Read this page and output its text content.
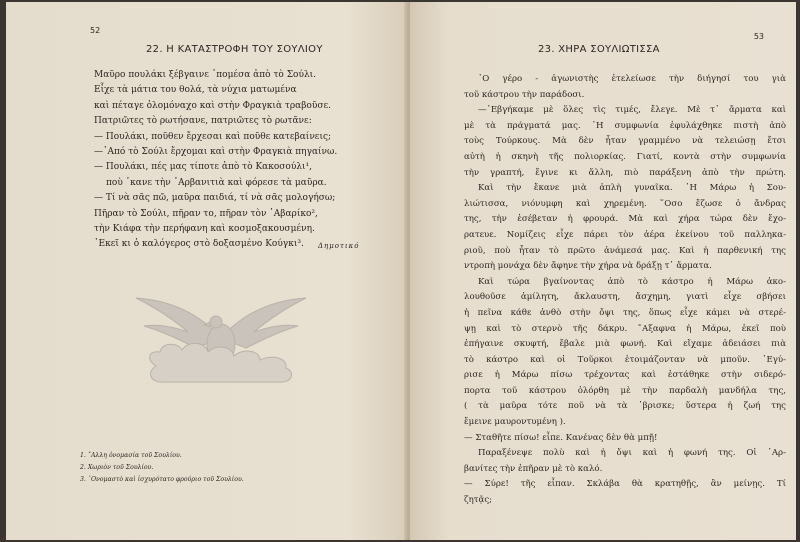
52
22. Η ΚΑΤΑΣΤΡΟΦΗ ΤΟΥ ΣΟΥΛΙΟΥ
Μαῦρο πουλάκι ξέβγαινε ᾿πομέσα ἀπὸ τὸ Σούλι.
Εἶχε τὰ μάτια του θολά, τὰ νύχια ματωμένα
καὶ πέταγε ὁλομόναχο καὶ στὴν Φραγκιὰ τραβοῦσε.
Πατριῶτες τὸ ρωτήσανε, πατριῶτες τὸ ρωτᾶνε:
— Πουλάκι, ποῦθεν ἔρχεσαι καὶ ποῦθε κατεβαίνεις;
—᾿Από τὸ Σούλι ἔρχομαι καὶ στὴν Φραγκιὰ πηγαίνω.
— Πουλάκι, πές μας τίποτε ἀπὸ τὸ Κακοσούλι¹,
ποὺ ᾿κανε τὴν ᾿Αρβανιτιὰ καὶ φόρεσε τὰ μαῦρα.
— Τί νὰ σᾶς πῶ, μαῦρα παιδιά, τί νὰ σᾶς μολογήσω;
Πῆραν τὸ Σούλι, πῆραν το, πῆραν τὸν ᾿Αβαρίκο²,
τὴν Κιάφα τὴν περήφανη καὶ κοσμοξακουσμένη.
᾿Εκεῖ κι ὁ καλόγερος στὸ δοξασμένο Κούγκι³.	Δημοτικό
1. ῎Αλλη ὀνομασία τοῦ Σουλίου.
2. Χωριὸν τοῦ Σουλίου.
3. ᾿Ονομαστὸ καὶ ἰσχυρότατο φρούριο τοῦ Σουλίου.
53
23. ΧΗΡΑ ΣΟΥΛΙΩΤΙΣΣΑ
᾿Ο γέρο - ἀγωνιστὴς ἐτελείωσε τὴν διήγησί του γιὰ
τοῦ κάστρου τὴν παράδοσι.
—᾿Εβγήκαμε μὲ ὅλες τὶς τιμές, ἔλεγε. Μὲ τ᾿ ἄρματα καὶ
μὲ τὰ πράγματά μας. ᾿Η συμφωνία ἐφυλάχθηκε πιστὴ ἀπὸ
τοὺς Τούρκους. Μὰ δὲν ἦταν γραμμένο νὰ τελειώσῃ ἔτσι
αὐτὴ ἡ σκηνὴ τῆς πολιορκίας. Γιατί, κοντὰ στὴν συμφωνία
τὴν γραπτή, ἔγινε κι ἄλλη, πιὸ παράξενη ἀπὸ τὴν πρώτη.
Καὶ τὴν ἔκανε μιὰ ἁπλὴ γυναῖκα. ῾Η Μάρω ἡ Σου-
λιώτισσα, νιόνυμφη καὶ χηρεμένη. ῞Οσο ἔζωσε ὁ ἄνδρας
της, τὴν ἐσέβεταν ἡ φρουρά. Μὰ καὶ χήρα τώρα δὲν ἔχο-
ρατευε. Νομίζεις εἶχε πάρει τὸν ἀέρα ἐκείνου τοῦ παλληκα-
ριοῦ, ποὺ ἦταν τὸ πρῶτο ἀνάμεσά μας. Καὶ ἡ παρθενική της
ντροπὴ μονάχα δὲν ἄφηνε τὴν χήρα νὰ δράξῃ τ᾿ ἄρματα.
Καὶ τώρα βγαίνοντας ἀπὸ τὸ κάστρο ἡ Μάρω ἀκο-
λουθοῦσε ἀμίλητη, ἄκλαυστη, ἄσχημη, γιατὶ εἶχε σβήσει
ἡ πεῖνα κάθε ἀνθὸ στὴν ὄψι της, ὅπως εἶχε κάμει νὰ στερέ-
ψῃ καὶ τὸ στερνὸ τῆς δάκρυ. ῎Αξαφνα ἡ Μάρω, ἐκεῖ ποὺ
ἐπήγαινε σκυφτή, ἔβαλε μιὰ φωνή. Καὶ εἴχαμε ἀδειάσει πιὰ
τὸ κάστρο καὶ οἱ Τοῦρκοι ἑτοιμάζονταν νὰ μποῦν. ᾿Εγύ-
ρισε ἡ Μάρω πίσω τρέχοντας καὶ ἐστάθηκε στὴν σιδερό-
πορτα τοῦ κάστρου ὁλόρθη μὲ τὴν παρδαλὴ μανδήλα της,
( τὰ μαῦρα τότε ποῦ νὰ τὰ ᾿βρισκε; ὕστερα ἡ ζωή της
ἔμεινε μαυροντυμένη ).
— Σταθῆτε πίσω! εἶπε. Κανένας δὲν θὰ μπῇ!
Παραξένεψε πολὺ καὶ ἡ ὄψι καὶ ἡ φωνή της. Οἱ ᾿Αρ-
βανίτες τὴν ἐπῆραν μὲ τὸ καλό.
— Σύρε! τῆς εἶπαν. Σκλάβα θὰ κρατηθῇς, ἂν μείνῃς. Τί
ζητᾷς;
